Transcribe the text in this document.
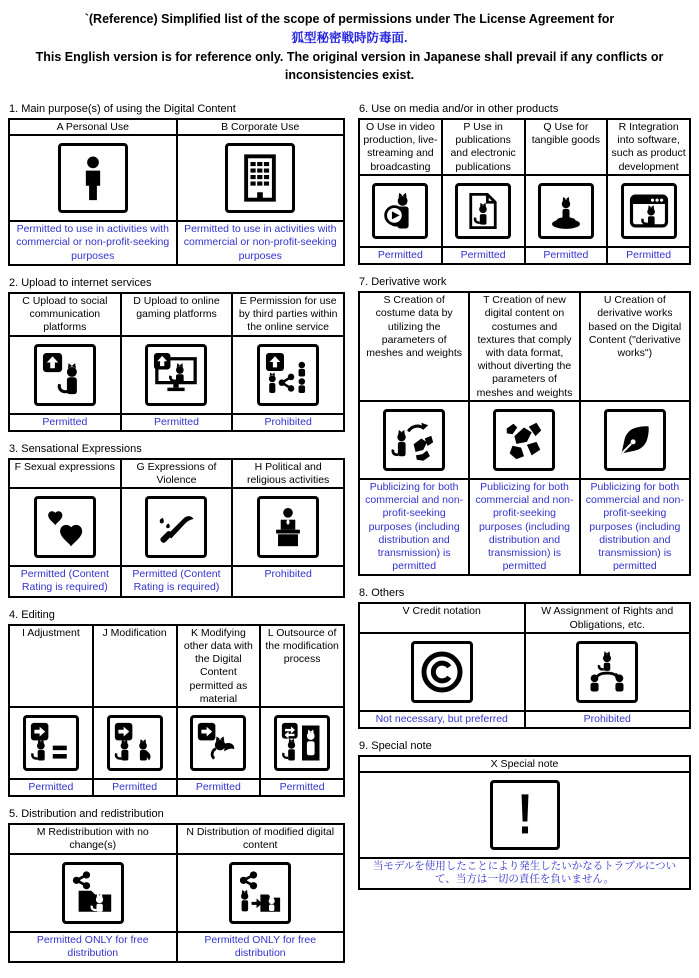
`(Reference) Simplified list of the scope of permissions under The License Agreement for
狐型秘密戦時防毒面.
This English version is for reference only. The original version in Japanese shall prevail if any conflicts or inconsistencies exist.
1. Main purpose(s) of using the Digital Content
A Personal Use	B Corporate Use

Permitted to use in activities with commercial or non-profit-seeking purposes	Permitted to use in activities with commercial or non-profit-seeking purposes
2. Upload to internet services
C Upload to social communication platforms	D Upload to online gaming platforms	E Permission for use by third parties within the online service

Permitted	Permitted	Prohibited
3. Sensational Expressions
F Sexual expressions	G Expressions of Violence	H Political and religious activities

Permitted (Content Rating is required)	Permitted (Content Rating is required)	Prohibited
4. Editing
I Adjustment	J Modification	K Modifying other data with the Digital Content permitted as material	L Outsource of the modification process

Permitted	Permitted	Permitted	Permitted
5. Distribution and redistribution
M Redistribution with no change(s)	N Distribution of modified digital content

Permitted ONLY for free distribution	Permitted ONLY for free distribution
6. Use on media and/or in other products
O Use in video production, live-streaming and broadcasting	P Use in publications and electronic publications	Q Use for tangible goods	R Integration into software, such as product development

Permitted	Permitted	Permitted	Permitted
7. Derivative work
S Creation of costume data by utilizing the parameters of meshes and weights	T Creation of new digital content on costumes and textures that comply with data format, without diverting the parameters of meshes and weights	U Creation of derivative works based on the Digital Content ("derivative works")

Publicizing for both commercial and non-profit-seeking purposes (including distribution and transmission) is permitted	Publicizing for both commercial and non-profit-seeking purposes (including distribution and transmission) is permitted	Publicizing for both commercial and non-profit-seeking purposes (including distribution and transmission) is permitted
8. Others
V Credit notation	W Assignment of Rights and Obligations, etc.

Not necessary, but preferred	Prohibited
9. Special note
X Special note

当モデルを使用したことにより発生したいかなるトラブルについて、当方は一切の責任を負いません。
